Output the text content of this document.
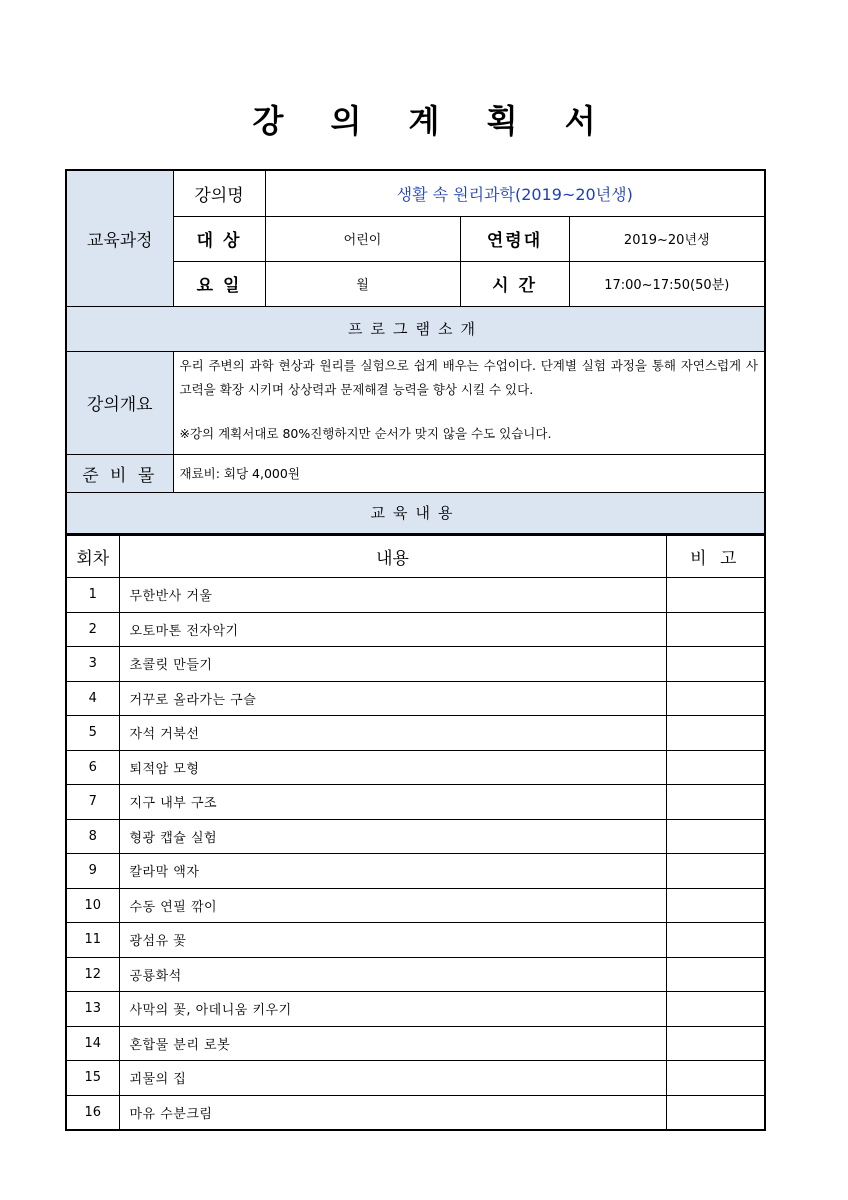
강 의 계 획 서
교육과정	강의명	생활 속 원리과학(2019~20년생)		
	대 상	어린이	연령대	2019~20년생
	요 일	월	시 간	17:00~17:50(50분)
프로그램소개				
강의개요	우리 주변의 과학 현상과 원리를 실험으로 쉽게 배우는 수업이다. 단계별 실험 과정을 통해 자연스럽게 사고력을 확장 시키며 상상력과 문제해결 능력을 향상 시킬 수 있다.

※강의 계획서대로 80%진행하지만 순서가 맞지 않을 수도 있습니다.			

준 비 물	재료비: 회당 4,000원			
교육내용				
회차	내용	비 고
1	무한반사 거울	
2	오토마톤 전자악기	
3	초콜릿 만들기	
4	거꾸로 올라가는 구슬	
5	자석 거북선	
6	퇴적암 모형	
7	지구 내부 구조	
8	형광 캡슐 실험	
9	칼라막 액자	
10	수동 연필 깎이	
11	광섬유 꽃	
12	공룡화석	
13	사막의 꽃, 아데니움 키우기	
14	혼합물 분리 로봇	
15	괴물의 집	
16	마유 수분크림	
